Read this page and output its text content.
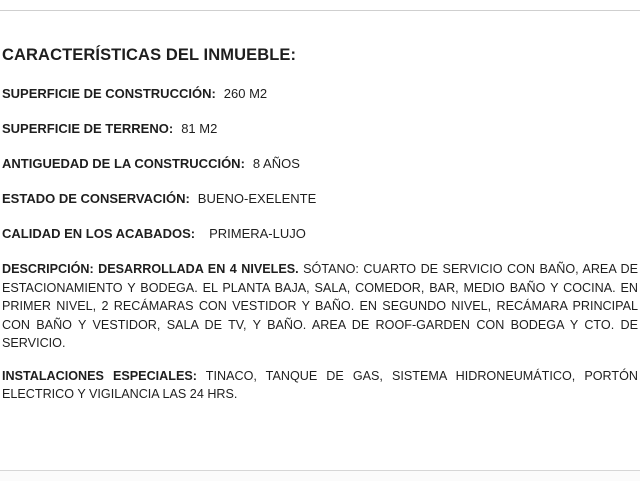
CARACTERÍSTICAS DEL INMUEBLE:
SUPERFICIE DE CONSTRUCCIÓN: 260 M2
SUPERFICIE DE TERRENO: 81 M2
ANTIGUEDAD DE LA CONSTRUCCIÓN: 8 AÑOS
ESTADO DE CONSERVACIÓN: BUENO-EXELENTE
CALIDAD EN LOS ACABADOS: PRIMERA-LUJO
DESCRIPCIÓN: DESARROLLADA EN 4 NIVELES. SÓTANO: CUARTO DE SERVICIO CON BAÑO, AREA DE ESTACIONAMIENTO Y BODEGA. EL PLANTA BAJA, SALA, COMEDOR, BAR, MEDIO BAÑO Y COCINA. EN PRIMER NIVEL, 2 RECÁMARAS CON VESTIDOR Y BAÑO. EN SEGUNDO NIVEL, RECÁMARA PRINCIPAL CON BAÑO Y VESTIDOR, SALA DE TV, Y BAÑO. AREA DE ROOF-GARDEN CON BODEGA Y CTO. DE SERVICIO.
INSTALACIONES ESPECIALES: TINACO, TANQUE DE GAS, SISTEMA HIDRONEUMÁTICO, PORTÓN ELECTRICO Y VIGILANCIA LAS 24 HRS.
